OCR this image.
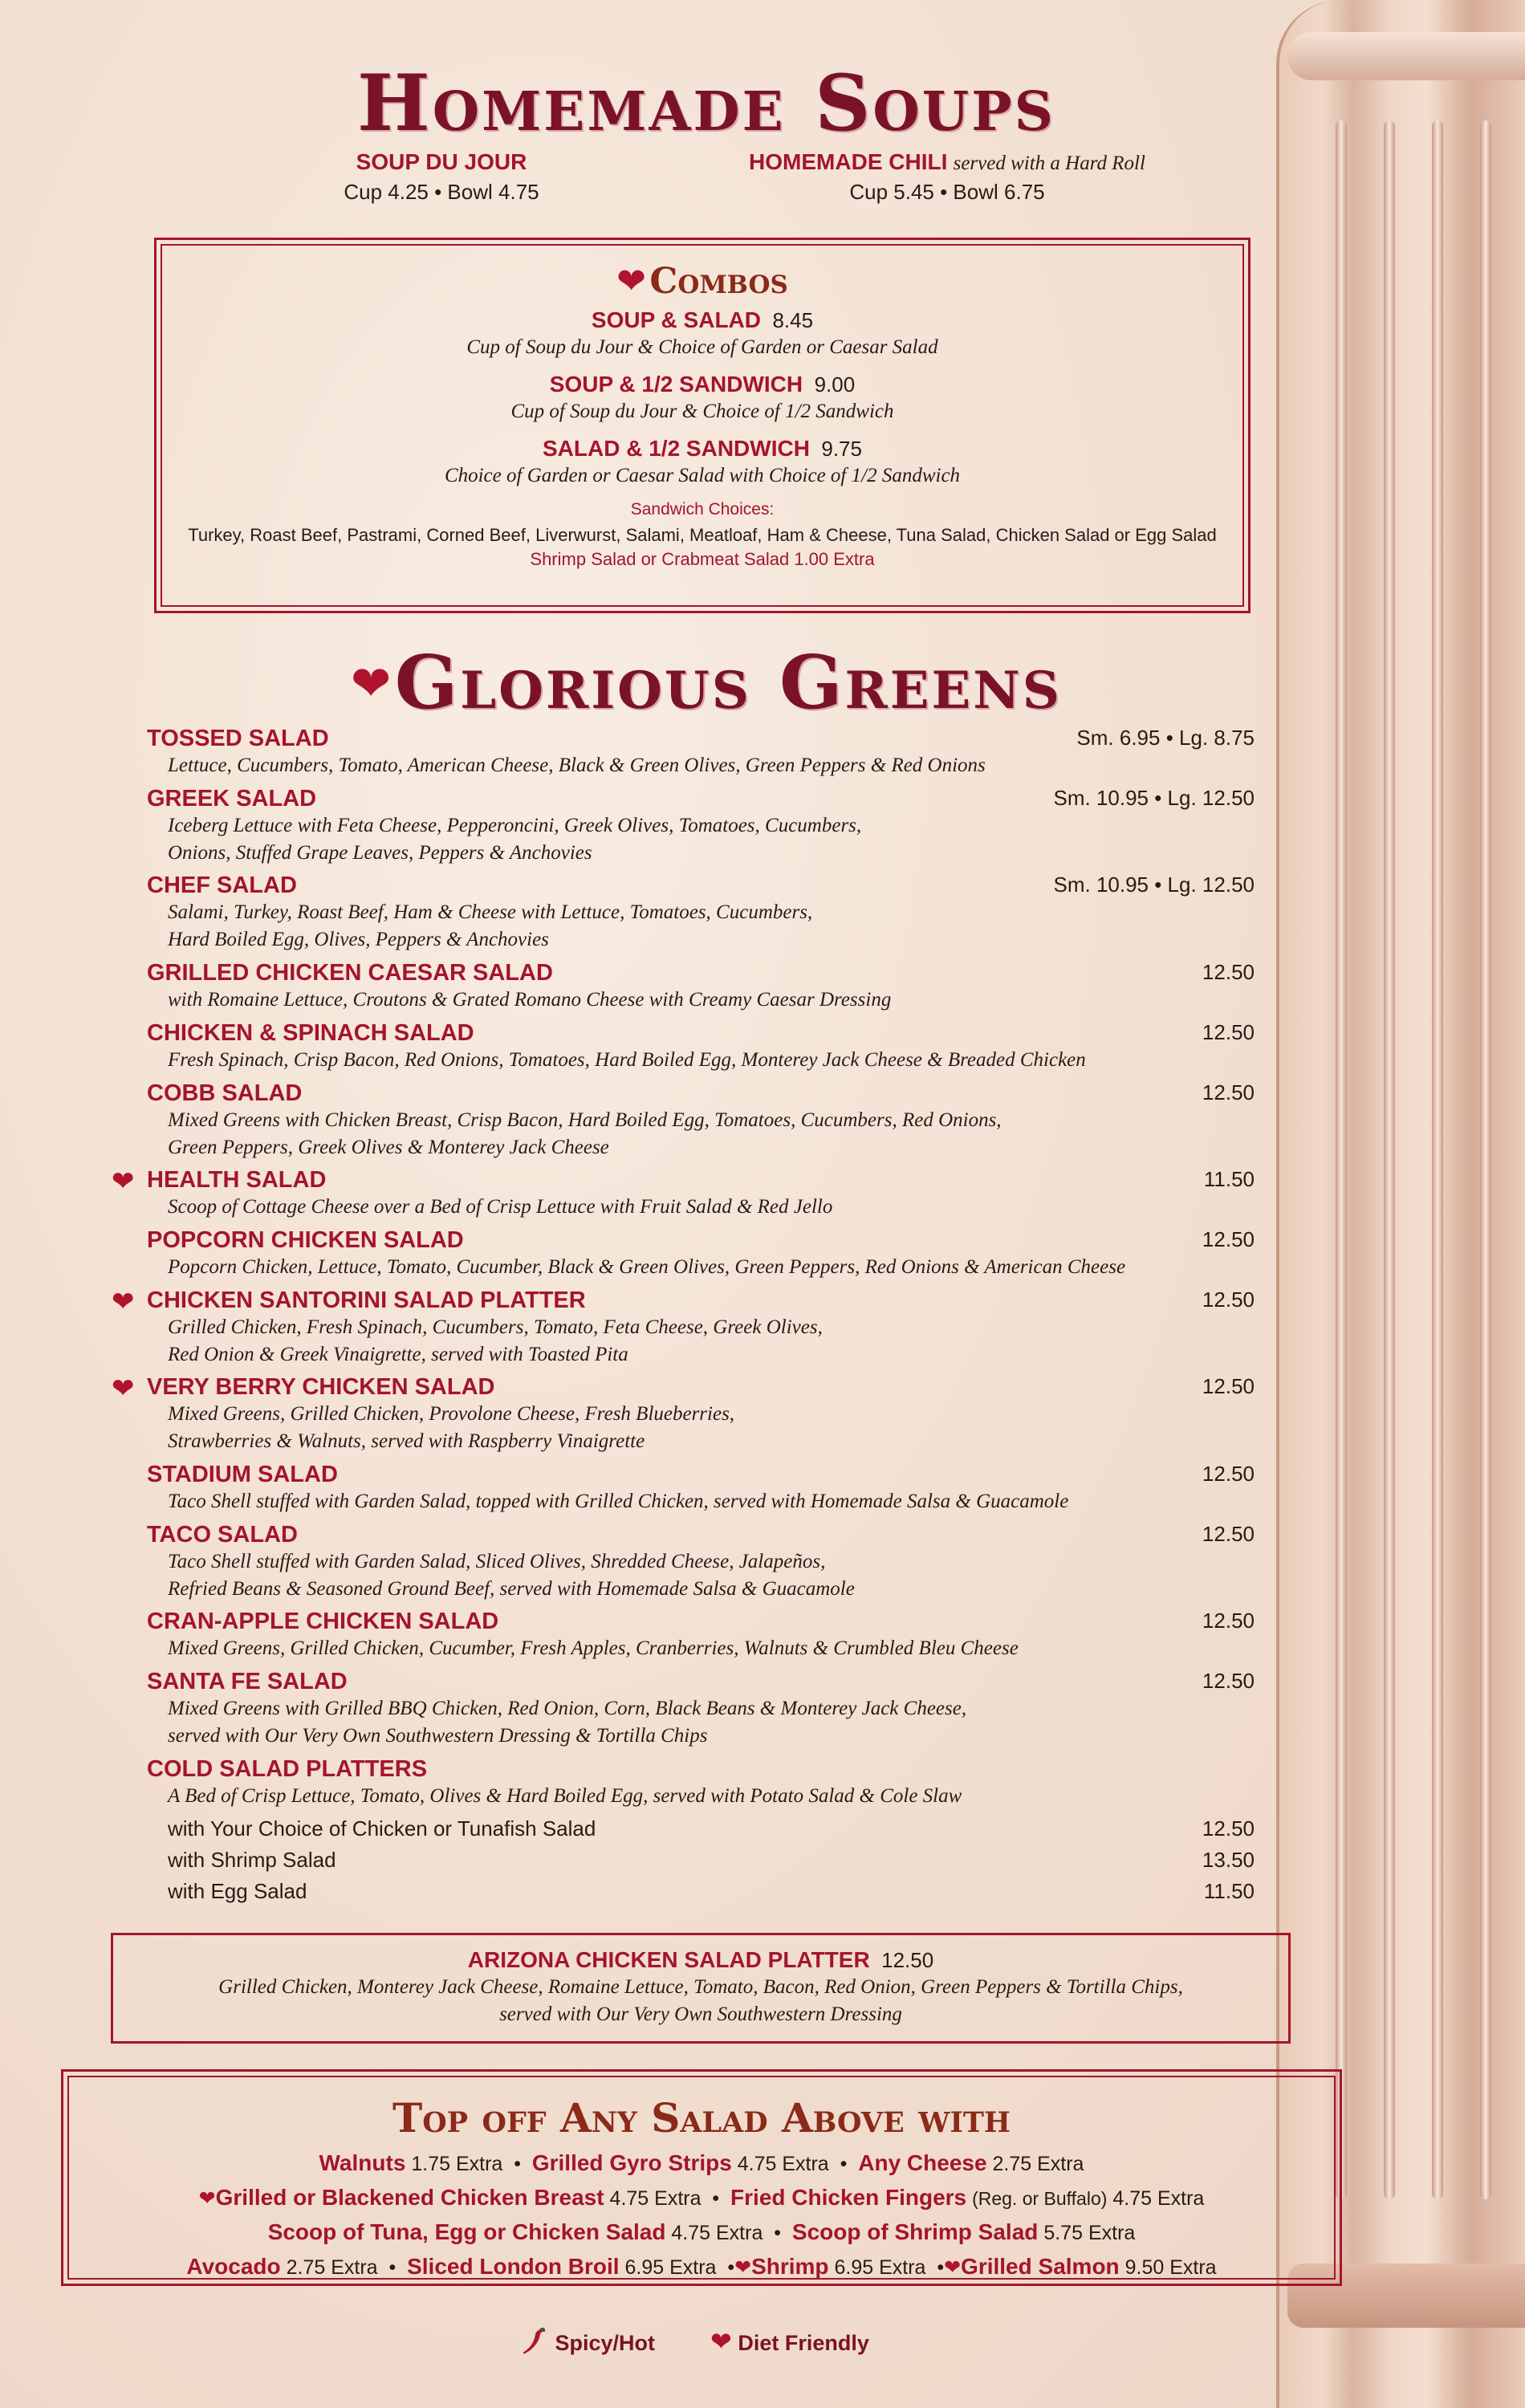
Homemade Soups
SOUP DU JOUR
Cup 4.25 • Bowl 4.75
HOMEMADE CHILI served with a Hard Roll
Cup 5.45 • Bowl 6.75
❤ Combos
SOUP & SALAD 8.45
Cup of Soup du Jour & Choice of Garden or Caesar Salad
SOUP & 1/2 SANDWICH 9.00
Cup of Soup du Jour & Choice of 1/2 Sandwich
SALAD & 1/2 SANDWICH 9.75
Choice of Garden or Caesar Salad with Choice of 1/2 Sandwich
Sandwich Choices:
Turkey, Roast Beef, Pastrami, Corned Beef, Liverwurst, Salami, Meatloaf, Ham & Cheese, Tuna Salad, Chicken Salad or Egg Salad
Shrimp Salad or Crabmeat Salad 1.00 Extra
❤ Glorious Greens
TOSSED SALAD	Sm. 6.95 • Lg. 8.75
Lettuce, Cucumbers, Tomato, American Cheese, Black & Green Olives, Green Peppers & Red Onions
GREEK SALAD	Sm. 10.95 • Lg. 12.50
Iceberg Lettuce with Feta Cheese, Pepperoncini, Greek Olives, Tomatoes, Cucumbers,
Onions, Stuffed Grape Leaves, Peppers & Anchovies
CHEF SALAD	Sm. 10.95 • Lg. 12.50
Salami, Turkey, Roast Beef, Ham & Cheese with Lettuce, Tomatoes, Cucumbers,
Hard Boiled Egg, Olives, Peppers & Anchovies
GRILLED CHICKEN CAESAR SALAD	12.50
with Romaine Lettuce, Croutons & Grated Romano Cheese with Creamy Caesar Dressing
CHICKEN & SPINACH SALAD	12.50
Fresh Spinach, Crisp Bacon, Red Onions, Tomatoes, Hard Boiled Egg, Monterey Jack Cheese & Breaded Chicken
COBB SALAD	12.50
Mixed Greens with Chicken Breast, Crisp Bacon, Hard Boiled Egg, Tomatoes, Cucumbers, Red Onions,
Green Peppers, Greek Olives & Monterey Jack Cheese
❤ HEALTH SALAD	11.50
Scoop of Cottage Cheese over a Bed of Crisp Lettuce with Fruit Salad & Red Jello
POPCORN CHICKEN SALAD	12.50
Popcorn Chicken, Lettuce, Tomato, Cucumber, Black & Green Olives, Green Peppers, Red Onions & American Cheese
❤ CHICKEN SANTORINI SALAD PLATTER	12.50
Grilled Chicken, Fresh Spinach, Cucumbers, Tomato, Feta Cheese, Greek Olives,
Red Onion & Greek Vinaigrette, served with Toasted Pita
❤ VERY BERRY CHICKEN SALAD	12.50
Mixed Greens, Grilled Chicken, Provolone Cheese, Fresh Blueberries,
Strawberries & Walnuts, served with Raspberry Vinaigrette
STADIUM SALAD	12.50
Taco Shell stuffed with Garden Salad, topped with Grilled Chicken, served with Homemade Salsa & Guacamole
TACO SALAD	12.50
Taco Shell stuffed with Garden Salad, Sliced Olives, Shredded Cheese, Jalapeños,
Refried Beans & Seasoned Ground Beef, served with Homemade Salsa & Guacamole
CRAN-APPLE CHICKEN SALAD	12.50
Mixed Greens, Grilled Chicken, Cucumber, Fresh Apples, Cranberries, Walnuts & Crumbled Bleu Cheese
SANTA FE SALAD	12.50
Mixed Greens with Grilled BBQ Chicken, Red Onion, Corn, Black Beans & Monterey Jack Cheese,
served with Our Very Own Southwestern Dressing & Tortilla Chips
COLD SALAD PLATTERS
A Bed of Crisp Lettuce, Tomato, Olives & Hard Boiled Egg, served with Potato Salad & Cole Slaw
with Your Choice of Chicken or Tunafish Salad	12.50
with Shrimp Salad	13.50
with Egg Salad	11.50
ARIZONA CHICKEN SALAD PLATTER 12.50
Grilled Chicken, Monterey Jack Cheese, Romaine Lettuce, Tomato, Bacon, Red Onion, Green Peppers & Tortilla Chips,
served with Our Very Own Southwestern Dressing
Top off Any Salad Above with
Walnuts 1.75 Extra  •  Grilled Gyro Strips 4.75 Extra  •  Any Cheese 2.75 Extra
❤Grilled or Blackened Chicken Breast 4.75 Extra  •  Fried Chicken Fingers (Reg. or Buffalo) 4.75 Extra
Scoop of Tuna, Egg or Chicken Salad 4.75 Extra  •  Scoop of Shrimp Salad 5.75 Extra
Avocado 2.75 Extra  •  Sliced London Broil 6.95 Extra  •❤Shrimp 6.95 Extra  •❤Grilled Salmon 9.50 Extra
Spicy/Hot ❤ Diet Friendly
